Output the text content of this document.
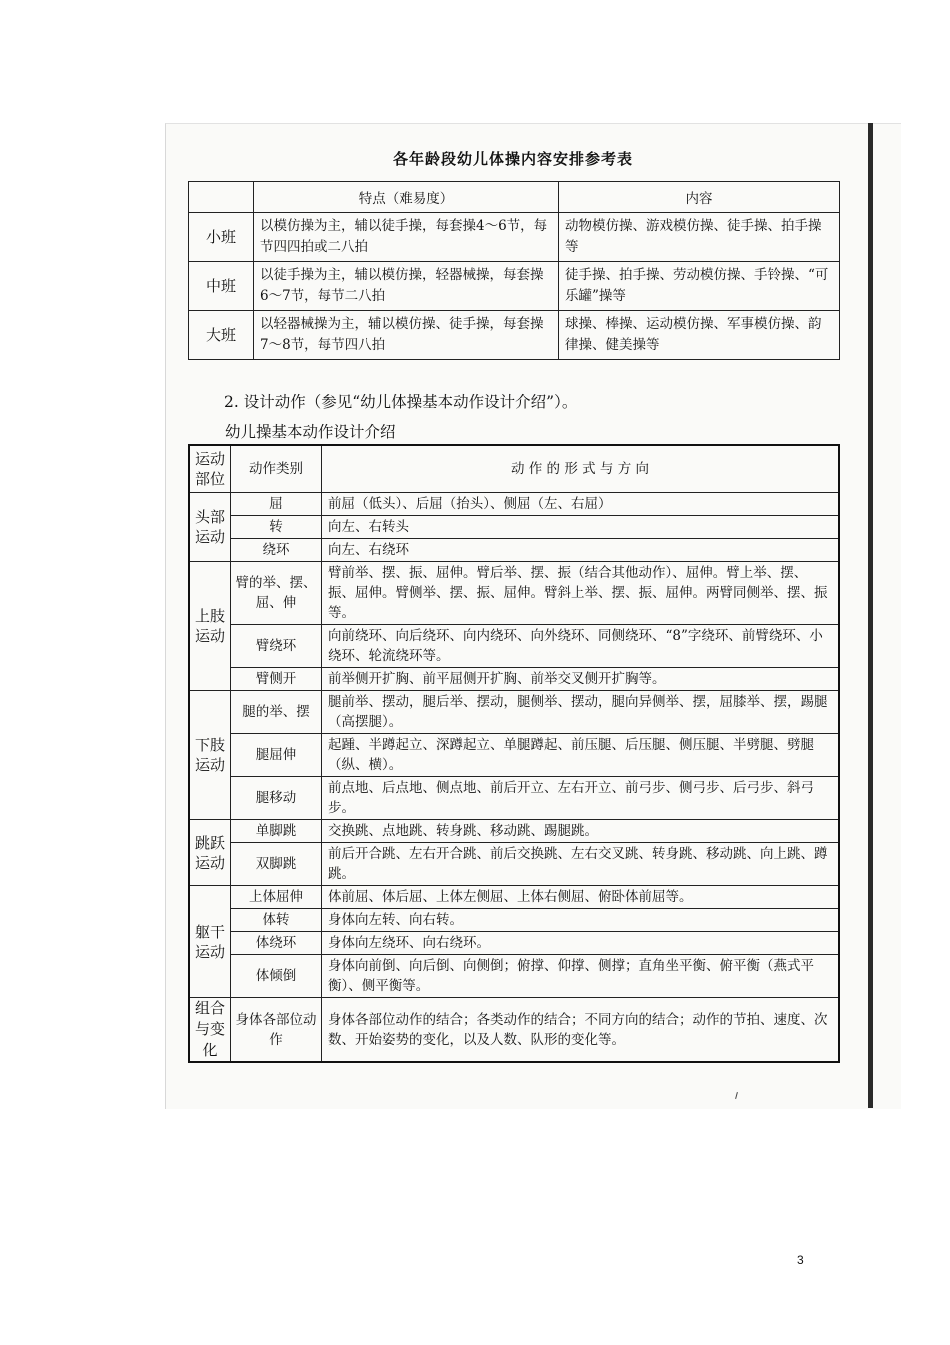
各年龄段幼儿体操内容安排参考表
	特点（难易度）	内容
小班	以模仿操为主，辅以徒手操，每套操4～6节，每节四四拍或二八拍	动物模仿操、游戏模仿操、徒手操、拍手操等
中班	以徒手操为主，辅以模仿操，轻器械操，每套操6～7节，每节二八拍	徒手操、拍手操、劳动模仿操、手铃操、“可乐罐”操等
大班	以轻器械操为主，辅以模仿操、徒手操，每套操7～8节，每节四八拍	球操、棒操、运动模仿操、军事模仿操、韵律操、健美操等
2. 设计动作（参见“幼儿体操基本动作设计介绍”）。
幼儿操基本动作设计介绍
运动部位	动作类别	动 作 的 形 式 与 方 向
头部运动	屈	前屈（低头）、后屈（抬头）、侧屈（左、右屈）
	转	向左、右转头
	绕环	向左、右绕环
上肢运动	臂的举、摆、屈、伸	臂前举、摆、振、屈伸。臂后举、摆、振（结合其他动作）、屈伸。臂上举、摆、振、屈伸。臂侧举、摆、振、屈伸。臂斜上举、摆、振、屈伸。两臂同侧举、摆、振等。
	臂绕环	向前绕环、向后绕环、向内绕环、向外绕环、同侧绕环、“8”字绕环、前臂绕环、小绕环、轮流绕环等。
	臂侧开	前举侧开扩胸、前平屈侧开扩胸、前举交叉侧开扩胸等。
下肢运动	腿的举、摆	腿前举、摆动，腿后举、摆动，腿侧举、摆动，腿向异侧举、摆，屈膝举、摆，踢腿（高摆腿）。
	腿屈伸	起踵、半蹲起立、深蹲起立、单腿蹲起、前压腿、后压腿、侧压腿、半劈腿、劈腿（纵、横）。
	腿移动	前点地、后点地、侧点地、前后开立、左右开立、前弓步、侧弓步、后弓步、斜弓步。
跳跃运动	单脚跳	交换跳、点地跳、转身跳、移动跳、踢腿跳。
	双脚跳	前后开合跳、左右开合跳、前后交换跳、左右交叉跳、转身跳、移动跳、向上跳、蹲跳。
躯干运动	上体屈伸	体前屈、体后屈、上体左侧屈、上体右侧屈、俯卧体前屈等。
	体转	身体向左转、向右转。
	体绕环	身体向左绕环、向右绕环。
	体倾倒	身体向前倒、向后倒、向侧倒；俯撑、仰撑、侧撑；直角坐平衡、俯平衡（燕式平衡）、侧平衡等。
组合与变　化	身体各部位动作	身体各部位动作的结合；各类动作的结合；不同方向的结合；动作的节拍、速度、次数、开始姿势的变化，以及人数、队形的变化等。
3
